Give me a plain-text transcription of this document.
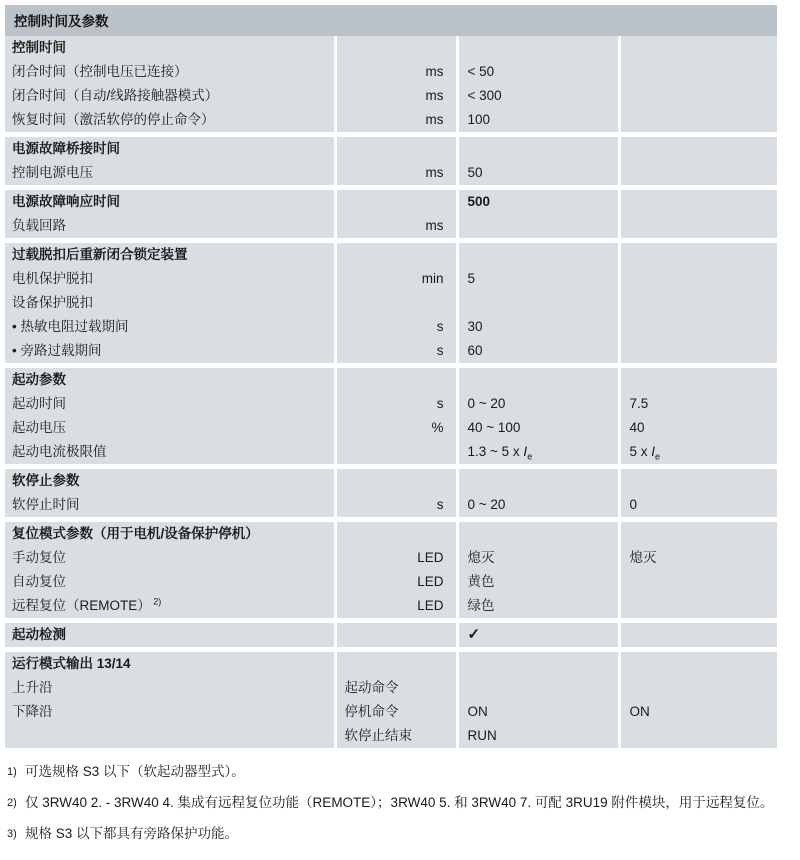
控制时间及参数
控制时间			

闭合时间（控制电压已连接）	ms	< 50	

闭合时间（自动/线路接触器模式）	ms	< 300	

恢复时间（激活软停的停止命令）	ms	100	

电源故障桥接时间			

控制电源电压	ms	50	

电源故障响应时间		500	

负载回路	ms		

过载脱扣后重新闭合锁定装置			

电机保护脱扣	min	5	

设备保护脱扣			

• 热敏电阻过载期间	s	30	

• 旁路过载期间	s	60	

起动参数			

起动时间	s	0 ~ 20	7.5

起动电压	%	40 ~ 100	40

起动电流极限值		1.3 ~ 5 x $I_e$	5 x $I_e$

软停止参数			

软停止时间	s	0 ~ 20	0

复位模式参数（用于电机/设备保护停机）			

手动复位	LED	熄灭	熄灭

自动复位	LED	黄色	

远程复位（REMOTE） $^{2)}$	LED	绿色	

起动检测		✓	

运行模式输出 13/14			

上升沿	起动命令		

下降沿	停机命令	ON	ON

	软停止结束	RUN	

1) 可选规格 S3 以下（软起动器型式）。
2) 仅 3RW40 2. - 3RW40 4. 集成有远程复位功能（REMOTE）；3RW40 5. 和 3RW40 7. 可配 3RU19 附件模块，用于远程复位。
3) 规格 S3 以下都具有旁路保护功能。
